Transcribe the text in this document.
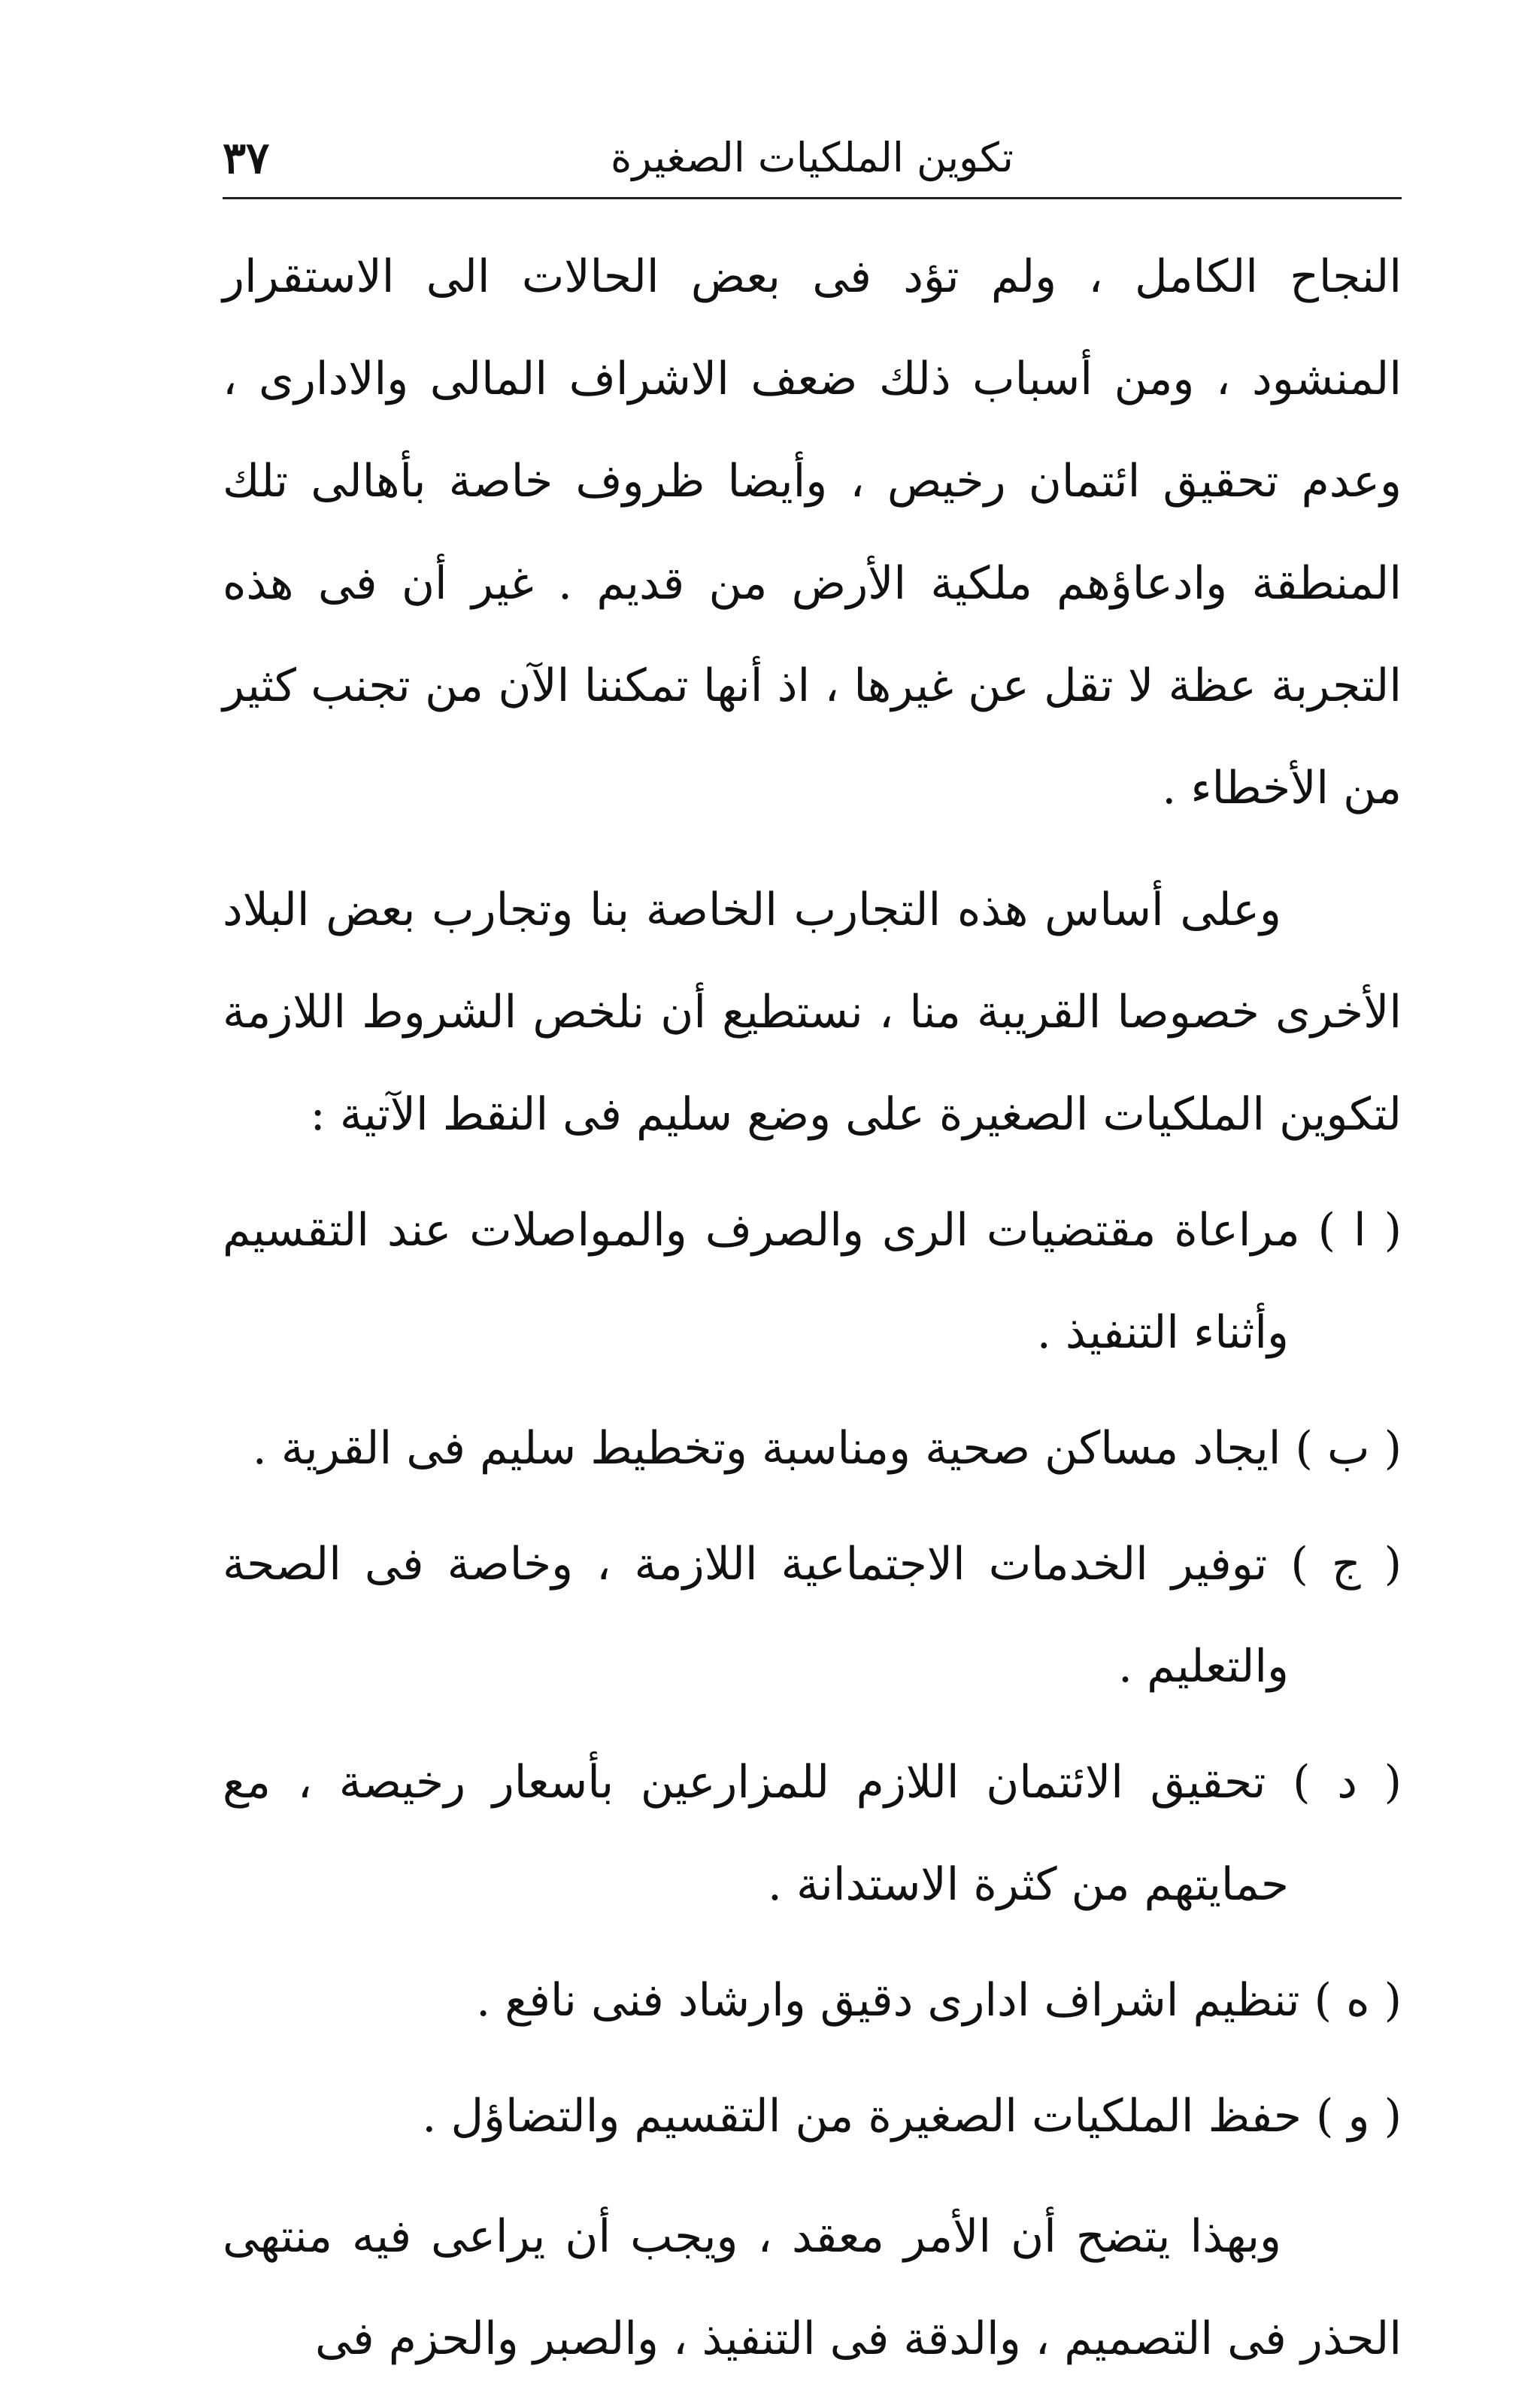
تكوين الملكيات الصغيرة
٣٧

النجاح الكامل ، ولم تؤد فى بعض الحالات الى الاستقرار المنشود ، ومن أسباب ذلك ضعف الاشراف المالى والادارى ، وعدم تحقيق ائتمان رخيص ، وأيضا ظروف خاصة بأهالى تلك المنطقة وادعاؤهم ملكية الأرض من قديم . غير أن فى هذه التجربة عظة لا تقل عن غيرها ، اذ أنها تمكننا الآن من تجنب كثير من الأخطاء .

وعلى أساس هذه التجارب الخاصة بنا وتجارب بعض البلاد الأخرى خصوصا القريبة منا ، نستطيع أن نلخص الشروط اللازمة لتكوين الملكيات الصغيرة على وضع سليم فى النقط الآتية :

( ا ) مراعاة مقتضيات الرى والصرف والمواصلات عند التقسيم وأثناء التنفيذ .
( ب ) ايجاد مساكن صحية ومناسبة وتخطيط سليم فى القرية .
( ج ) توفير الخدمات الاجتماعية اللازمة ، وخاصة فى الصحة والتعليم .
( د ) تحقيق الائتمان اللازم للمزارعين بأسعار رخيصة ، مع حمايتهم من كثرة الاستدانة .
( ه ) تنظيم اشراف ادارى دقيق وارشاد فنى نافع .
( و ) حفظ الملكيات الصغيرة من التقسيم والتضاؤل .

وبهذا يتضح أن الأمر معقد ، ويجب أن يراعى فيه منتهى الحذر فى التصميم ، والدقة فى التنفيذ ، والصبر والحزم فى
